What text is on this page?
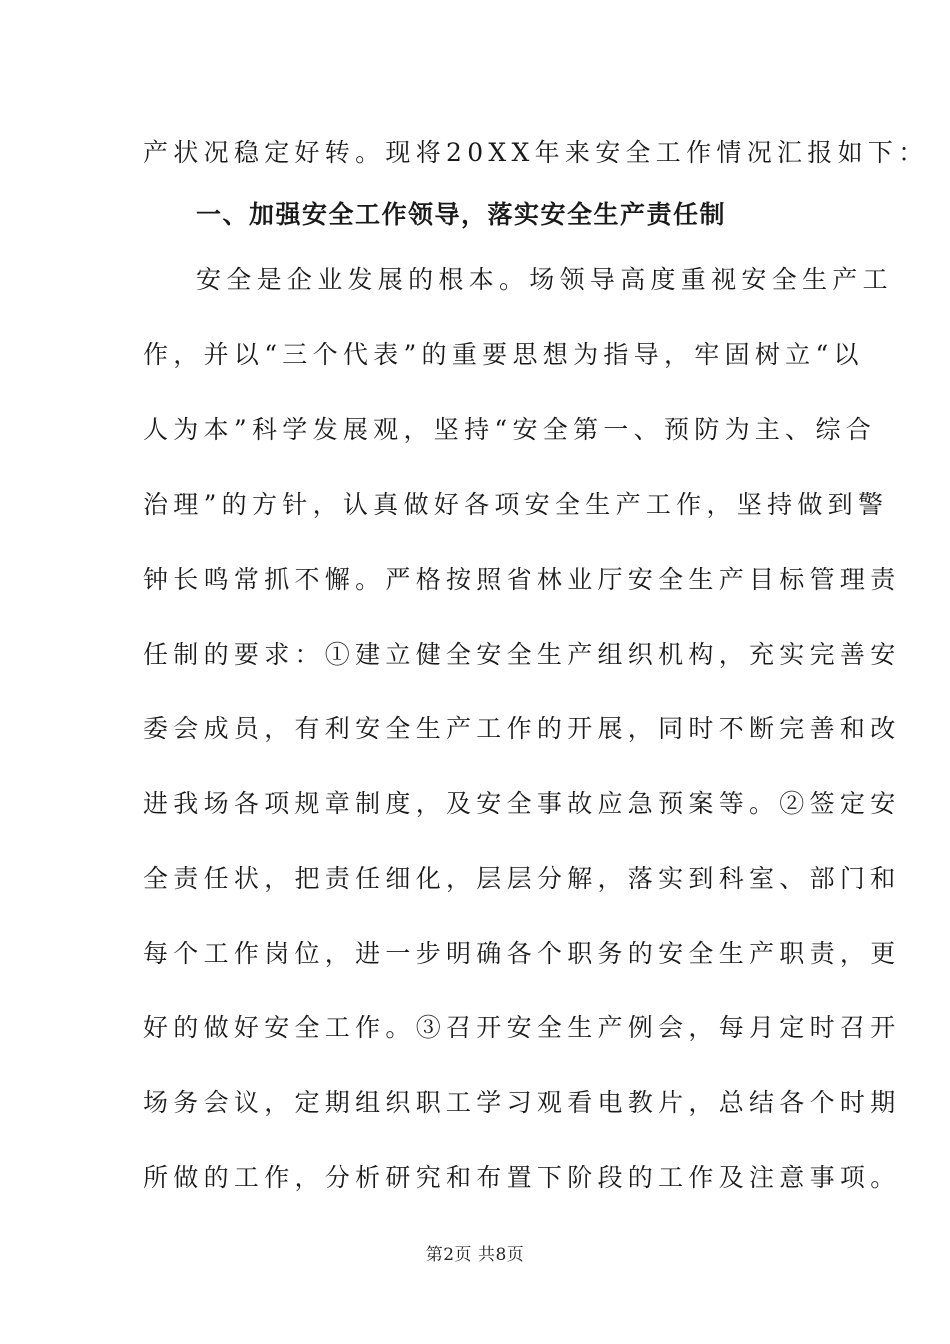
产状况稳定好转。现将20XX年来安全工作情况汇报如下：
一、加强安全工作领导，落实安全生产责任制
安全是企业发展的根本。场领导高度重视安全生产工
作，并以“三个代表”的重要思想为指导，牢固树立“以
人为本”科学发展观，坚持“安全第一、预防为主、综合
治理”的方针，认真做好各项安全生产工作，坚持做到警
钟长鸣常抓不懈。严格按照省林业厅安全生产目标管理责
任制的要求：①建立健全安全生产组织机构，充实完善安
委会成员，有利安全生产工作的开展，同时不断完善和改
进我场各项规章制度，及安全事故应急预案等。②签定安
全责任状，把责任细化，层层分解，落实到科室、部门和
每个工作岗位，进一步明确各个职务的安全生产职责，更
好的做好安全工作。③召开安全生产例会，每月定时召开
场务会议，定期组织职工学习观看电教片，总结各个时期
所做的工作，分析研究和布置下阶段的工作及注意事项。
第2页 共8页
